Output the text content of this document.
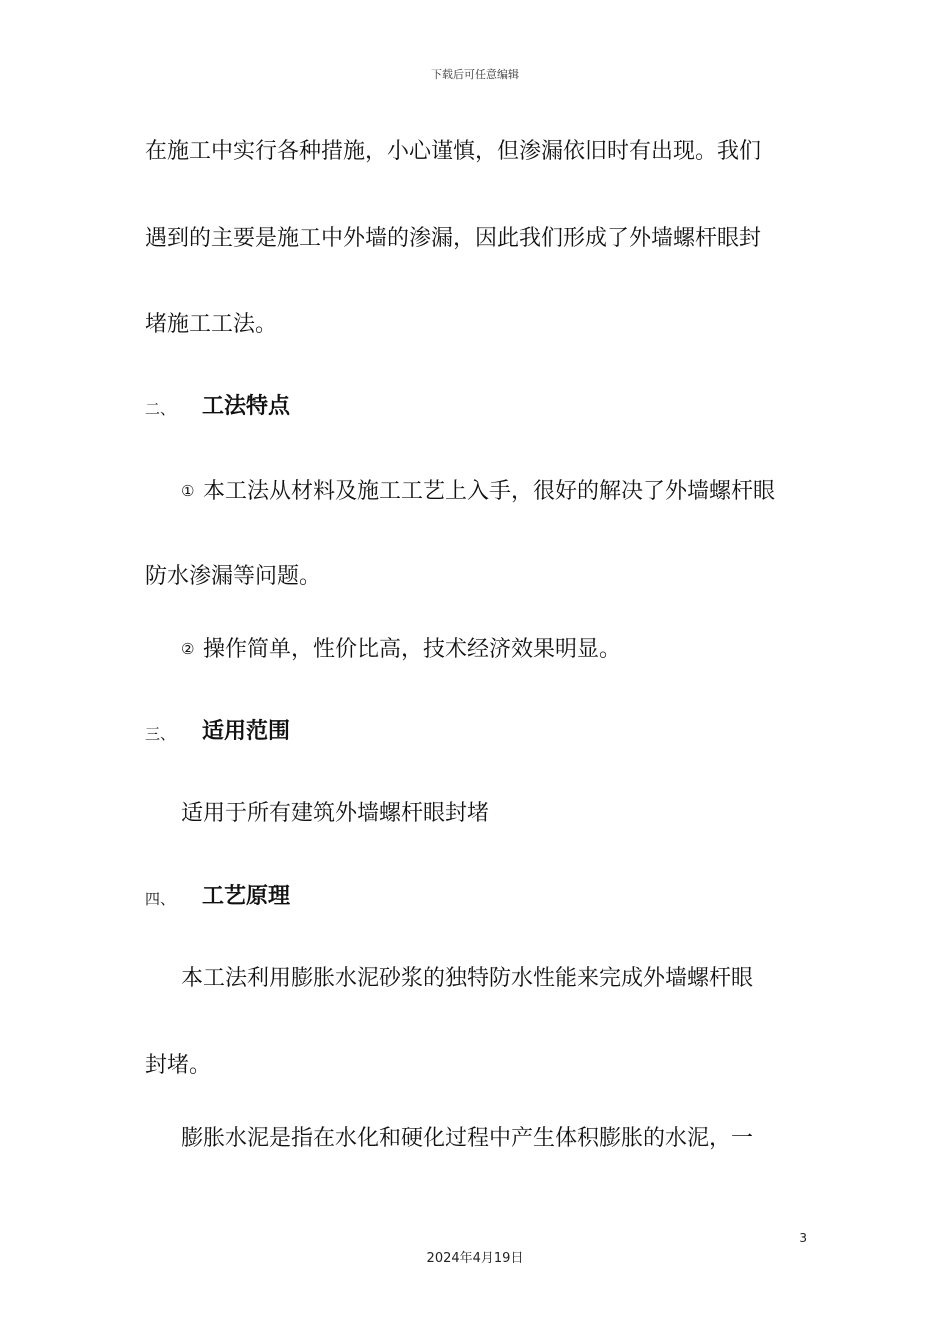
下载后可任意编辑
在施工中实行各种措施，小心谨慎，但渗漏依旧时有出现。我们
遇到的主要是施工中外墙的渗漏，因此我们形成了外墙螺杆眼封
堵施工工法。
二、 工法特点
① 本工法从材料及施工工艺上入手，很好的解决了外墙螺杆眼
防水渗漏等问题。
② 操作简单，性价比高，技术经济效果明显。
三、 适用范围
适用于所有建筑外墙螺杆眼封堵
四、 工艺原理
本工法利用膨胀水泥砂浆的独特防水性能来完成外墙螺杆眼
封堵。
膨胀水泥是指在水化和硬化过程中产生体积膨胀的水泥，一
3
2024年4月19日
